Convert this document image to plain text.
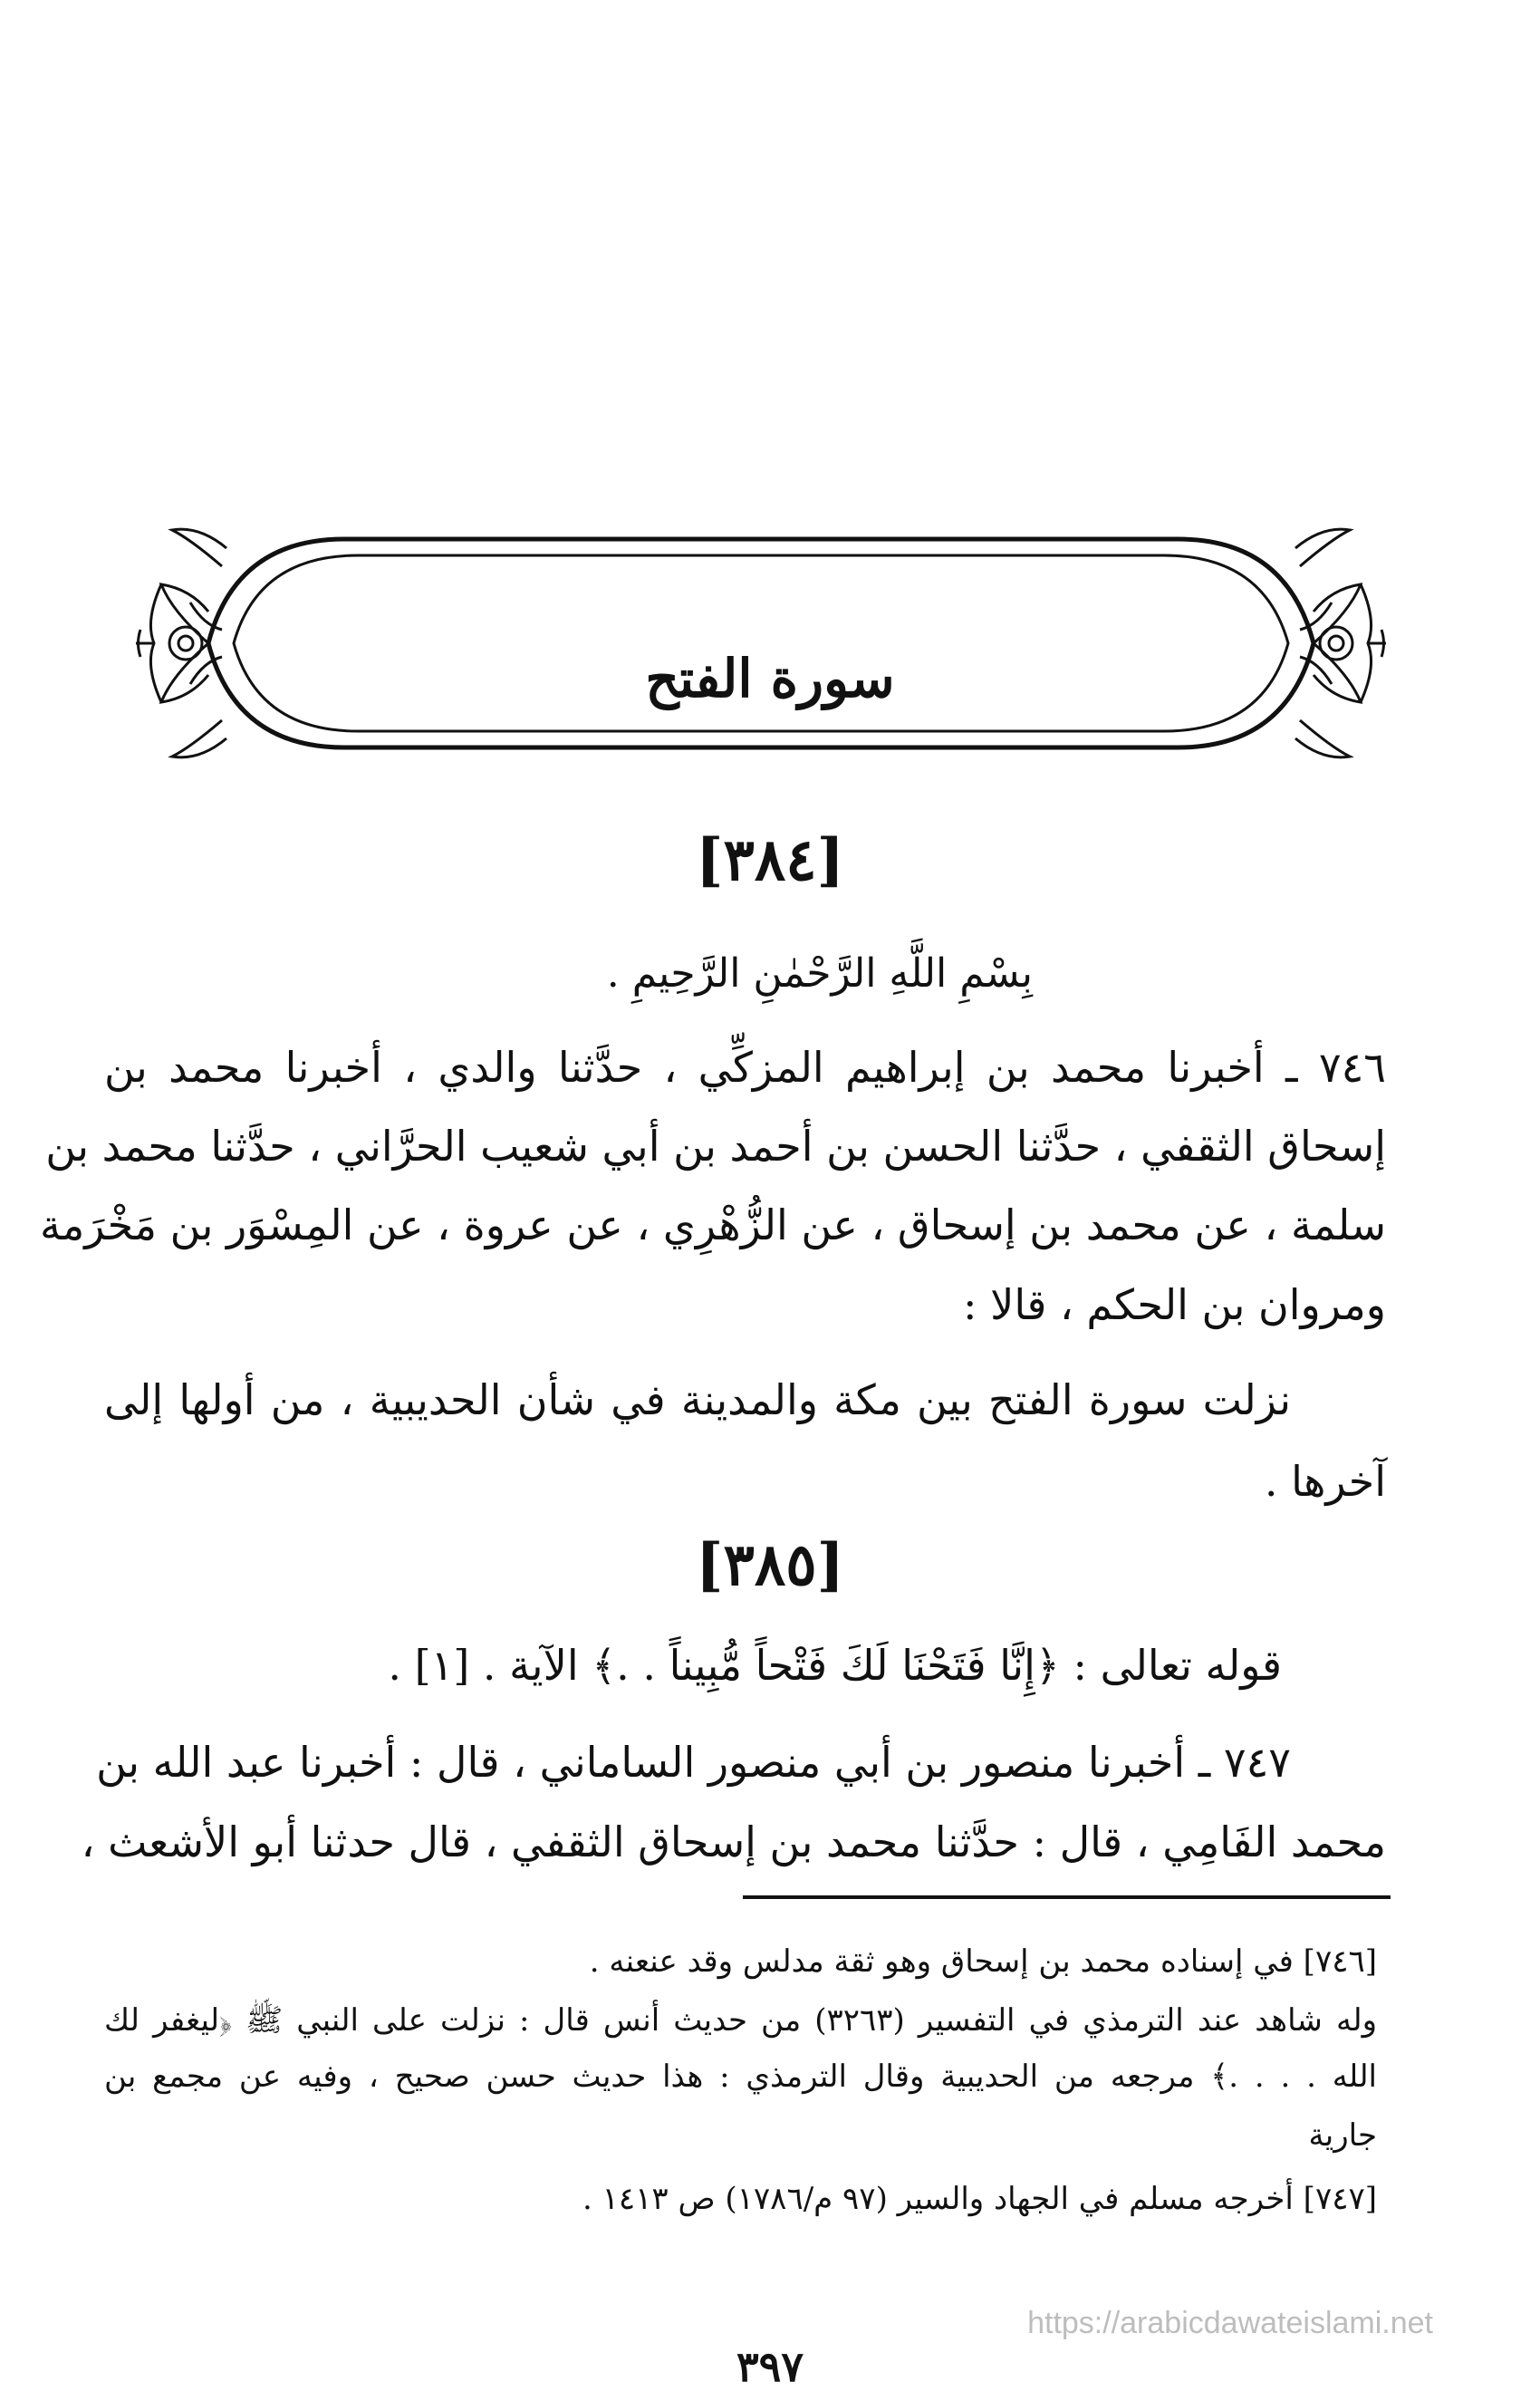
سورة الفتح
[٣٨٤]
بِسْمِ اللَّهِ الرَّحْمٰنِ الرَّحِيمِ .
٧٤٦ ـ أخبرنا محمد بن إبراهيم المزكِّي ، حدَّثنا والدي ، أخبرنا محمد بن
إسحاق الثقفي ، حدَّثنا الحسن بن أحمد بن أبي شعيب الحرَّاني ، حدَّثنا محمد بن
سلمة ، عن محمد بن إسحاق ، عن الزُّهْرِي ، عن عروة ، عن المِسْوَر بن مَخْرَمة
ومروان بن الحكم ، قالا :
نزلت سورة الفتح بين مكة والمدينة في شأن الحديبية ، من أولها إلى
آخرها .
[٣٨٥]
قوله تعالى : ﴿إِنَّا فَتَحْنَا لَكَ فَتْحاً مُّبِيناً . .﴾ الآية . [١] .
٧٤٧ ـ أخبرنا منصور بن أبي منصور الساماني ، قال : أخبرنا عبد الله بن
محمد الفَامِي ، قال : حدَّثنا محمد بن إسحاق الثقفي ، قال حدثنا أبو الأشعث ،
[٧٤٦] في إسناده محمد بن إسحاق وهو ثقة مدلس وقد عنعنه .
وله شاهد عند الترمذي في التفسير (٣٢٦٣) من حديث أنس قال : نزلت على النبي ﷺ ﴿ليغفر لك
الله . . . .﴾ مرجعه من الحديبية وقال الترمذي : هذا حديث حسن صحيح ، وفيه عن مجمع بن
جارية
[٧٤٧] أخرجه مسلم في الجهاد والسير (٩٧ م/١٧٨٦) ص ١٤١٣ .
https://arabicdawateislami.net
٣٩٧
